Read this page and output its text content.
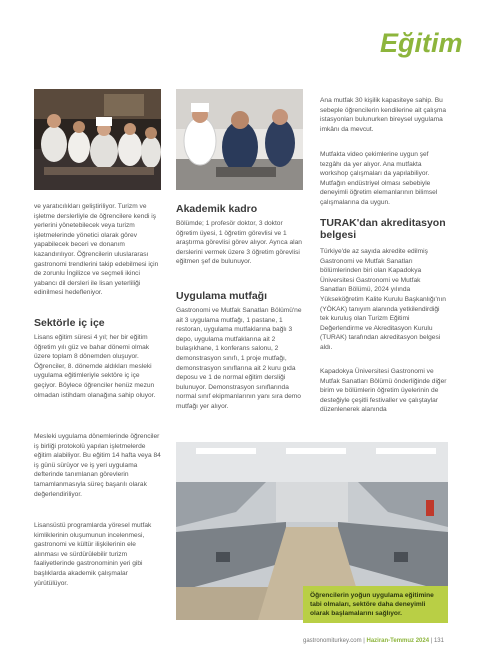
Eğitim
ve yaratıcılıkları geliştiriliyor. Turizm ve işletme derslerliyle de öğrencilere kendi iş yerlerini yönetebilecek veya turizm işletmelerinde yönetici olarak görev yapabilecek beceri ve donanım kazandırılıyor. Öğrencilerin uluslararası gastronomi trendlerini takip edebilmesi için de zorunlu İngilizce ve seçmeli ikinci yabancı dil dersleri ile lisan yeterliliği edinilmesi hedefleniyor.
Sektörle iç içe
Lisans eğitim süresi 4 yıl; her bir eğitim öğretim yılı güz ve bahar dönemi olmak üzere toplam 8 dönemden oluşuyor. Öğrenciler, 8. dönemde aldıkları mesleki uygulama eğitimleriyle sektöre iç içe geçiyor. Böylece öğrenciler henüz mezun olmadan istihdam olanağına sahip oluyor.
Mesleki uygulama dönemlerinde öğrenciler iş birliği protokolü yapılan işletmelerde eğitim alabiliyor. Bu eğitim 14 hafta veya 84 iş günü sürüyor ve iş yeri uygulama defterinde tanımlanan görevlerin tamamlanmasıyla süreç başarılı olarak değerlendiriliyor.
Lisansüstü programlarda yöresel mutfak kimliklerinin oluşumunun incelenmesi, gastronomi ve kültür ilişkilerinin ele alınması ve sürdürülebilir turizm faaliyetlerinde gastronominin yeri gibi başlıklarda akademik çalışmalar yürütülüyor.
Akademik kadro
Bölümde; 1 profesör doktor, 3 doktor öğretim üyesi, 1 öğretim görevlisi ve 1 araştırma görevlisi görev alıyor. Ayrıca alan derslerini vermek üzere 3 öğretim görevlisi eğitmen şef de bulunuyor.
Uygulama mutfağı
Gastronomi ve Mutfak Sanatları Bölümü'ne ait 3 uygulama mutfağı, 1 pastane, 1 restoran, uygulama mutfaklarına bağlı 3 depo, uygulama mutfaklarına ait 2 bulaşıkhane, 1 konferans salonu, 2 demonstrasyon sınıfı, 1 proje mutfağı, demonstrasyon sınıflarına ait 2 kuru gıda deposu ve 1 de normal eğitim dersliği bulunuyor. Demonstrasyon sınıflarında normal sınıf ekipmanlarının yanı sıra demo mutfağı yer alıyor.
Ana mutfak 30 kişilik kapasiteye sahip. Bu sebeple öğrencilerin kendilerine ait çalışma istasyonları bulunurken bireysel uygulama imkânı da mevcut.
Mutfakta video çekimlerine uygun şef tezgâhı da yer alıyor. Ana mutfakta workshop çalışmaları da yapılabiliyor. Mutfağın endüstriyel olması sebebiyle deneyimli öğretim elemanlarının bilimsel çalışmalarına da uygun.
TURAK'dan akreditasyon belgesi
Türkiye'de az sayıda akredite edilmiş Gastronomi ve Mutfak Sanatları bölümlerinden biri olan Kapadokya Üniversitesi Gastronomi ve Mutfak Sanatları Bölümü, 2024 yılında Yükseköğretim Kalite Kurulu Başkanlığı'nın (YÖKAK) tanıyım alanında yetkilendirdiği tek kuruluş olan Turizm Eğitimi Değerlendirme ve Akreditasyon Kurulu (TURAK) tarafından akreditasyon belgesi aldı.
Kapadokya Üniversitesi Gastronomi ve Mutfak Sanatları Bölümü önderliğinde diğer birim ve bölümlerin öğretim üyelerinin de desteğiyle çeşitli festivaller ve çalıştaylar düzenlenerek alanında
Öğrencilerin yoğun uygulama eğitimine tabi olmaları, sektöre daha deneyimli olarak başlamalarını sağlıyor.
gastronomiturkey.com | Haziran-Temmuz 2024 | 131
